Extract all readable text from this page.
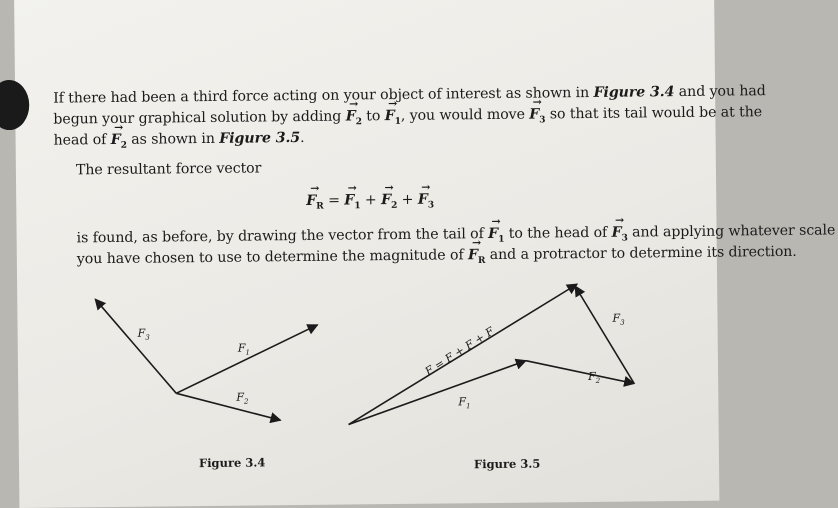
If there had been a third force acting on your object of interest as shown in Figure 3.4 and you had
begun your graphical solution by adding → $F_2$ to → $F_1$, you would move → $F_3$ so that its tail would be at the
head of → $F_2$ as shown in Figure 3.5.
The resultant force vector
→ $F_R$ = → $F_1$ + → $F_2$ + → $F_3$
is found, as before, by drawing the vector from the tail of → $F_1$ to the head of → $F_3$ and applying whatever scale
you have chosen to use to determine the magnitude of → $F_R$ and a protractor to determine its direction.
$F_3$
$F_1$
$F_2$
F = F + F + F
$F_1$
$F_2$
$F_3$
Figure 3.4	Figure 3.5
